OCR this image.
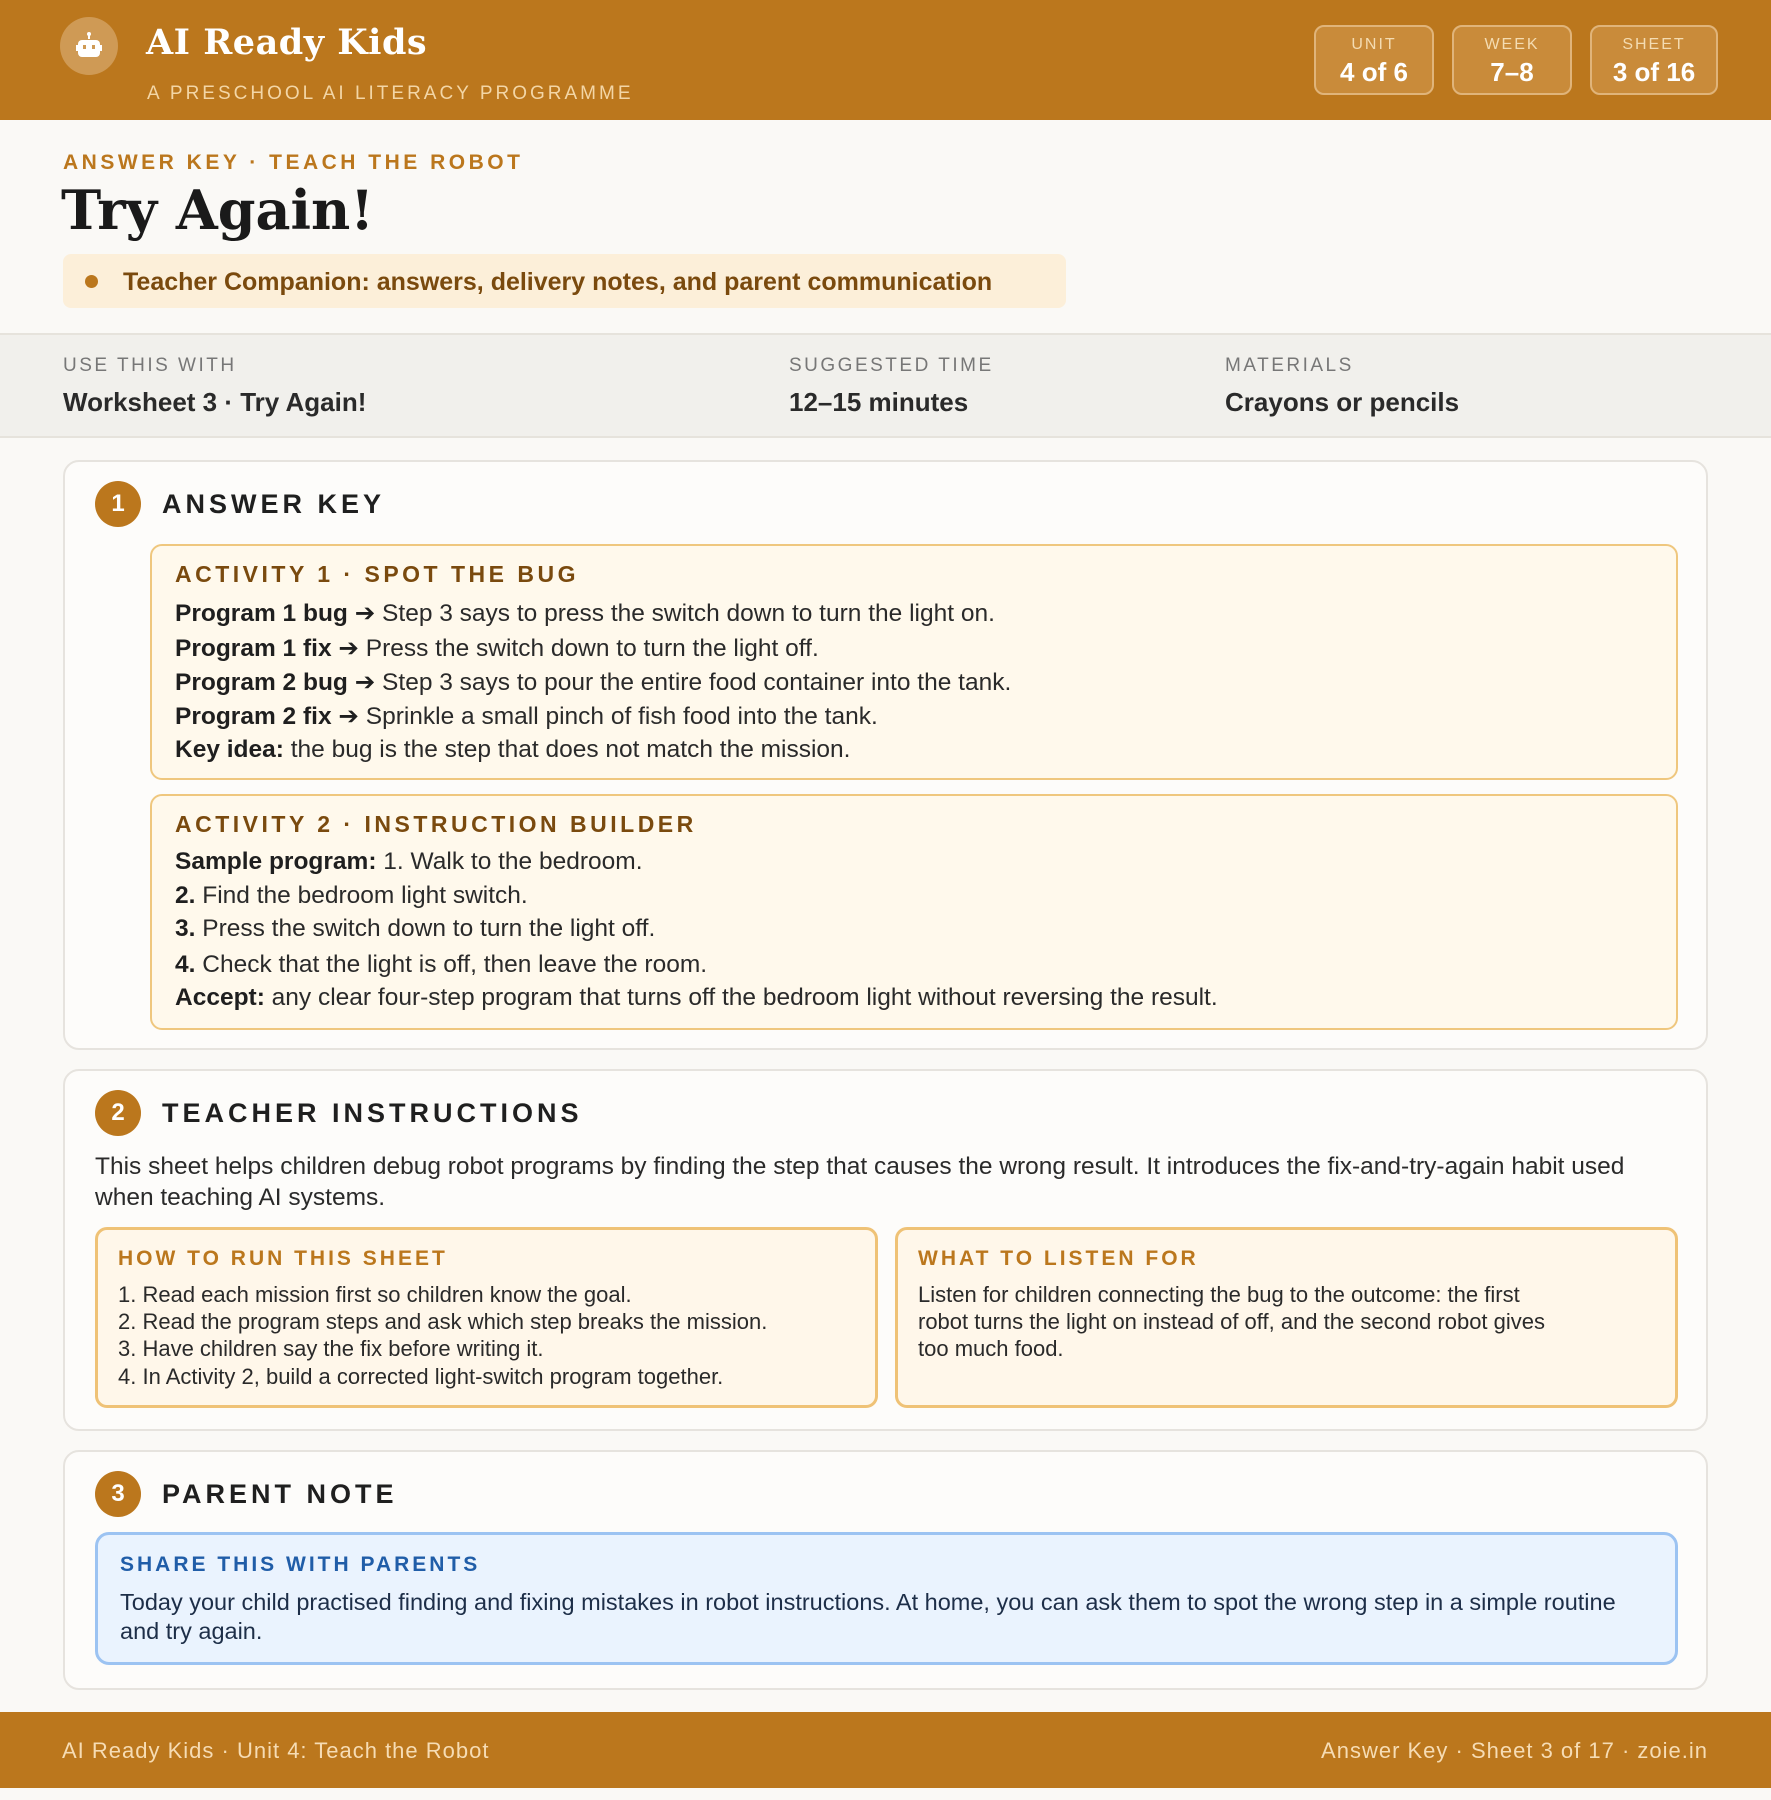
AI Ready Kids
A PRESCHOOL AI LITERACY PROGRAMME
UNIT
4 of 6
WEEK
7–8
SHEET
3 of 16
ANSWER KEY · TEACH THE ROBOT
Try Again!
Teacher Companion: answers, delivery notes, and parent communication
USE THIS WITH
Worksheet 3 · Try Again!
SUGGESTED TIME
12–15 minutes
MATERIALS
Crayons or pencils
1	ANSWER KEY
ACTIVITY 1 · SPOT THE BUG
Program 1 bug ➔ Step 3 says to press the switch down to turn the light on.
Program 1 fix ➔ Press the switch down to turn the light off.
Program 2 bug ➔ Step 3 says to pour the entire food container into the tank.
Program 2 fix ➔ Sprinkle a small pinch of fish food into the tank.
Key idea: the bug is the step that does not match the mission.
ACTIVITY 2 · INSTRUCTION BUILDER
Sample program: 1. Walk to the bedroom.
2. Find the bedroom light switch.
3. Press the switch down to turn the light off.
4. Check that the light is off, then leave the room.
Accept: any clear four-step program that turns off the bedroom light without reversing the result.
2	TEACHER INSTRUCTIONS
This sheet helps children debug robot programs by finding the step that causes the wrong result. It introduces the fix-and-try-again habit used when teaching AI systems.
HOW TO RUN THIS SHEET
1. Read each mission first so children know the goal.
2. Read the program steps and ask which step breaks the mission.
3. Have children say the fix before writing it.
4. In Activity 2, build a corrected light-switch program together.
WHAT TO LISTEN FOR
Listen for children connecting the bug to the outcome: the first
robot turns the light on instead of off, and the second robot gives
too much food.
3	PARENT NOTE
SHARE THIS WITH PARENTS
Today your child practised finding and fixing mistakes in robot instructions. At home, you can ask them to spot the wrong step in a simple routine and try again.
AI Ready Kids · Unit 4: Teach the Robot	Answer Key · Sheet 3 of 17 · zoie.in
